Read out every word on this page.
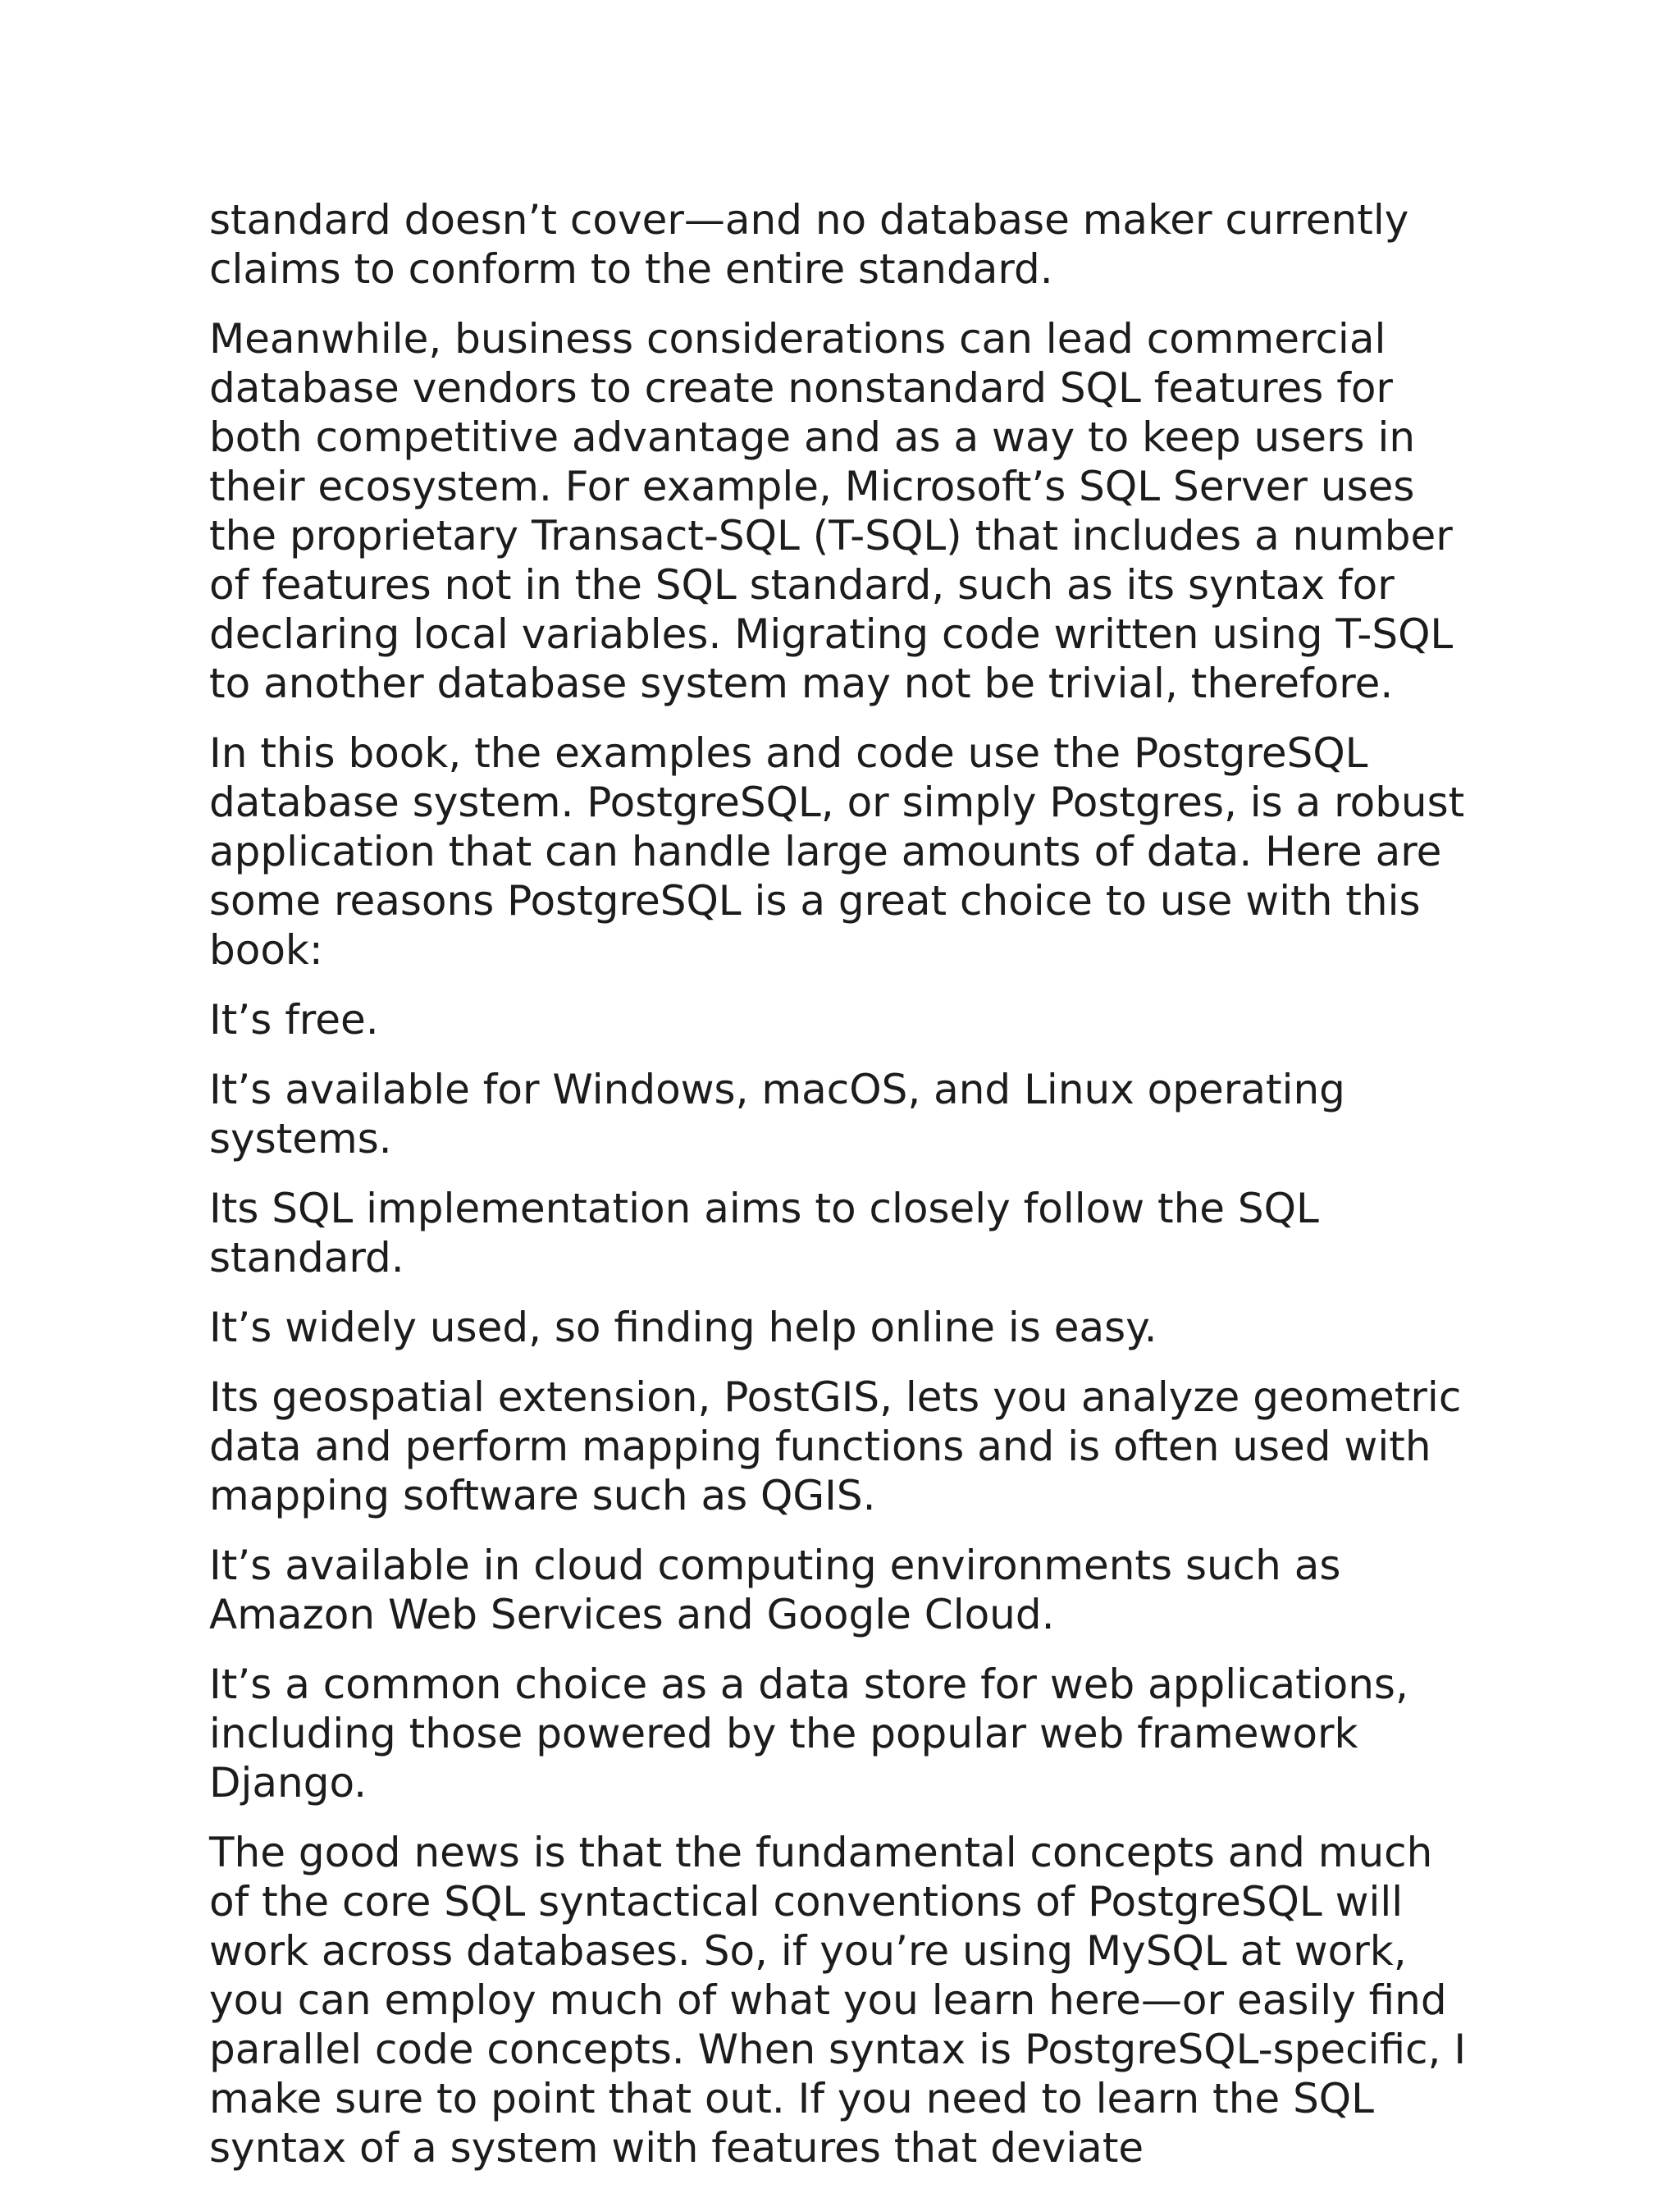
standard doesn’t cover—and no database maker currently claims to conform to the entire standard.

Meanwhile, business considerations can lead commercial database vendors to create nonstandard SQL features for both competitive advantage and as a way to keep users in their ecosystem. For example, Microsoft’s SQL Server uses the proprietary Transact-SQL (T-SQL) that includes a number of features not in the SQL standard, such as its syntax for declaring local variables. Migrating code written using T-SQL to another database system may not be trivial, therefore.

In this book, the examples and code use the PostgreSQL database system. PostgreSQL, or simply Postgres, is a robust application that can handle large amounts of data. Here are some reasons PostgreSQL is a great choice to use with this book:

It’s free.

It’s available for Windows, macOS, and Linux operating systems.

Its SQL implementation aims to closely follow the SQL standard.

It’s widely used, so finding help online is easy.

Its geospatial extension, PostGIS, lets you analyze geometric data and perform mapping functions and is often used with mapping software such as QGIS.

It’s available in cloud computing environments such as Amazon Web Services and Google Cloud.

It’s a common choice as a data store for web applications, including those powered by the popular web framework Django.

The good news is that the fundamental concepts and much of the core SQL syntactical conventions of PostgreSQL will work across databases. So, if you’re using MySQL at work, you can employ much of what you learn here—or easily find parallel code concepts. When syntax is PostgreSQL-specific, I make sure to point that out. If you need to learn the SQL syntax of a system with features that deviate
